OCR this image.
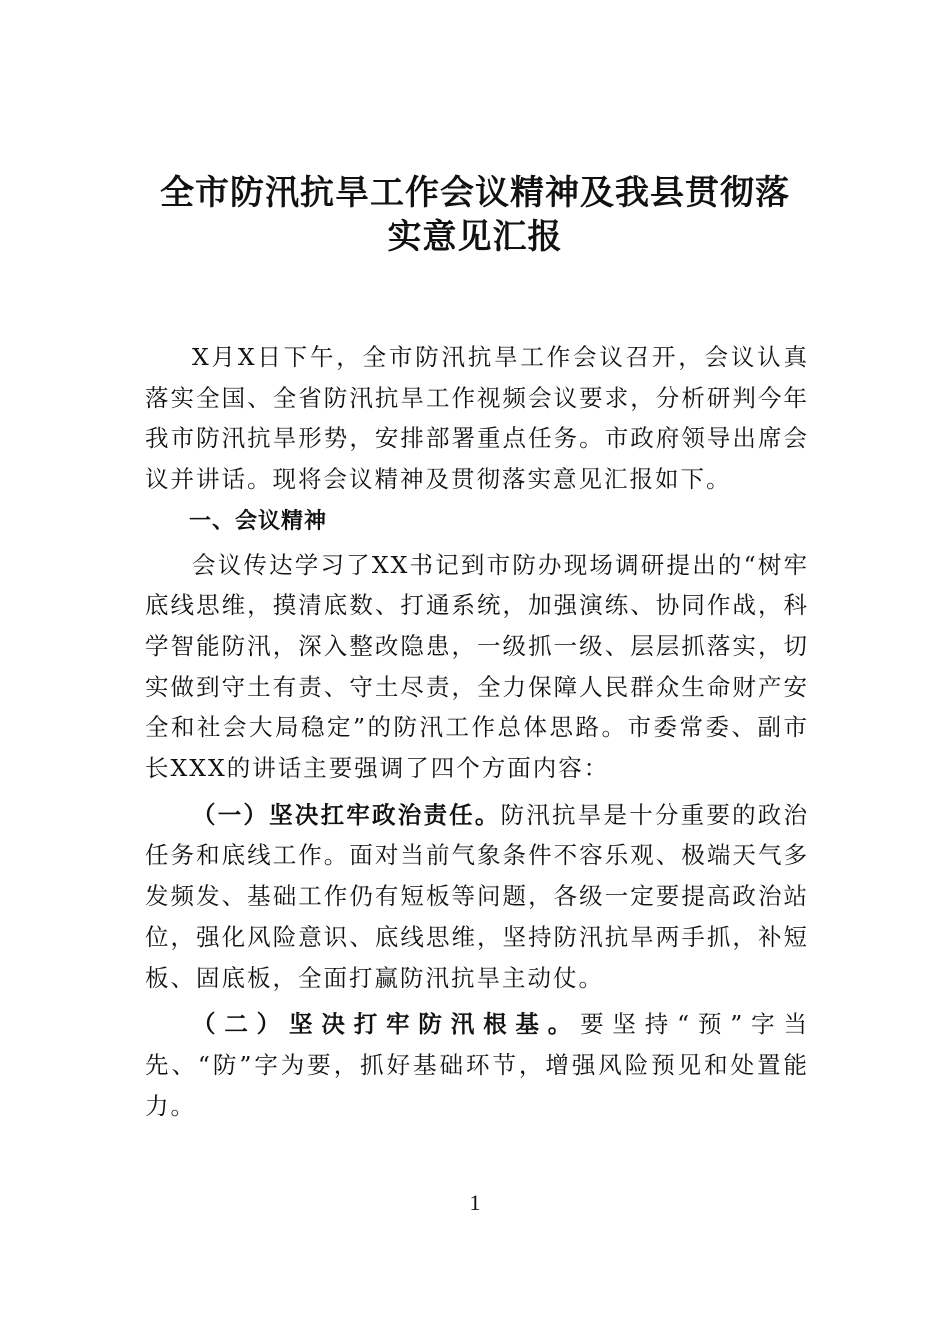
全市防汛抗旱工作会议精神及我县贯彻落
实意见汇报

X月X日下午，全市防汛抗旱工作会议召开，会议认真落实全国、全省防汛抗旱工作视频会议要求，分析研判今年我市防汛抗旱形势，安排部署重点任务。市政府领导出席会议并讲话。现将会议精神及贯彻落实意见汇报如下。

一、会议精神

会议传达学习了XX书记到市防办现场调研提出的“树牢底线思维，摸清底数、打通系统，加强演练、协同作战，科学智能防汛，深入整改隐患，一级抓一级、层层抓落实，切实做到守土有责、守土尽责，全力保障人民群众生命财产安全和社会大局稳定”的防汛工作总体思路。市委常委、副市长XXX的讲话主要强调了四个方面内容：

（一）坚决扛牢政治责任。防汛抗旱是十分重要的政治任务和底线工作。面对当前气象条件不容乐观、极端天气多发频发、基础工作仍有短板等问题，各级一定要提高政治站位，强化风险意识、底线思维，坚持防汛抗旱两手抓，补短板、固底板，全面打赢防汛抗旱主动仗。

（二）坚决打牢防汛根基。要坚持“预”字当先、“防”字为要，抓好基础环节，增强风险预见和处置能力。

1
